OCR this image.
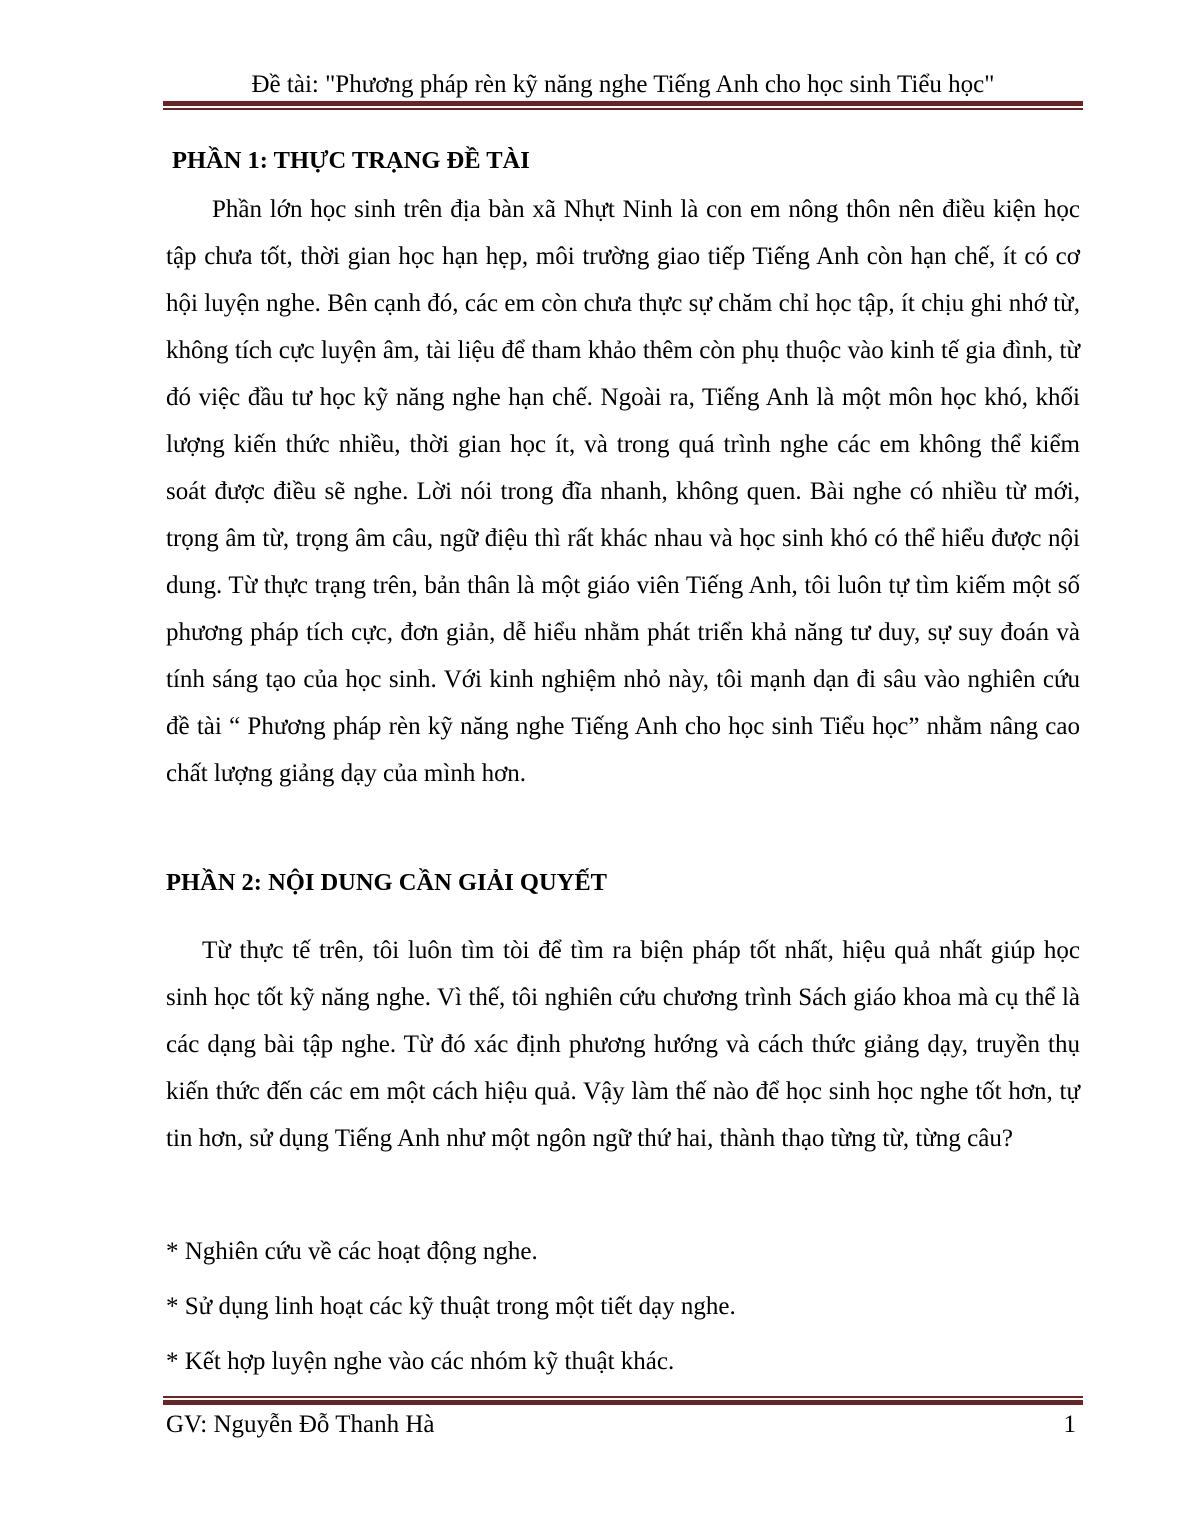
Đề tài: "Phương pháp rèn kỹ năng nghe Tiếng Anh cho học sinh Tiểu học"
PHẦN 1: THỰC TRẠNG ĐỀ TÀI

Phần lớn học sinh trên địa bàn xã Nhựt Ninh là con em nông thôn nên điều kiện học tập chưa tốt, thời gian học hạn hẹp, môi trường giao tiếp Tiếng Anh còn hạn chế, ít có cơ hội luyện nghe. Bên cạnh đó, các em còn chưa thực sự chăm chỉ học tập, ít chịu ghi nhớ từ, không tích cực luyện âm, tài liệu để tham khảo thêm còn phụ thuộc vào kinh tế gia đình, từ đó việc đầu tư học kỹ năng nghe hạn chế. Ngoài ra, Tiếng Anh là một môn học khó, khối lượng kiến thức nhiều, thời gian học ít, và trong quá trình nghe các em không thể kiểm soát được điều sẽ nghe. Lời nói trong đĩa nhanh, không quen. Bài nghe có nhiều từ mới, trọng âm từ, trọng âm câu, ngữ điệu thì rất khác nhau và học sinh khó có thể hiểu được nội dung. Từ thực trạng trên, bản thân là một giáo viên Tiếng Anh, tôi luôn tự tìm kiếm một số phương pháp tích cực, đơn giản, dễ hiểu nhằm phát triển khả năng tư duy, sự suy đoán và tính sáng tạo của học sinh. Với kinh nghiệm nhỏ này, tôi mạnh dạn đi sâu vào nghiên cứu đề tài “ Phương pháp rèn kỹ năng nghe Tiếng Anh cho học sinh Tiểu học” nhằm nâng cao chất lượng giảng dạy của mình hơn.

PHẦN 2: NỘI DUNG CẦN GIẢI QUYẾT

Từ thực tế trên, tôi luôn tìm tòi để tìm ra biện pháp tốt nhất, hiệu quả nhất giúp học sinh học tốt kỹ năng nghe. Vì thế, tôi nghiên cứu chương trình Sách giáo khoa mà cụ thể là các dạng bài tập nghe. Từ đó xác định phương hướng và cách thức giảng dạy, truyền thụ kiến thức đến các em một cách hiệu quả. Vậy làm thế nào để học sinh học nghe tốt hơn, tự tin hơn, sử dụng Tiếng Anh như một ngôn ngữ thứ hai, thành thạo từng từ, từng câu?

* Nghiên cứu về các hoạt động nghe.
* Sử dụng linh hoạt các kỹ thuật trong một tiết dạy nghe.
* Kết hợp luyện nghe vào các nhóm kỹ thuật khác.
GV: Nguyễn Đỗ Thanh Hà	1
